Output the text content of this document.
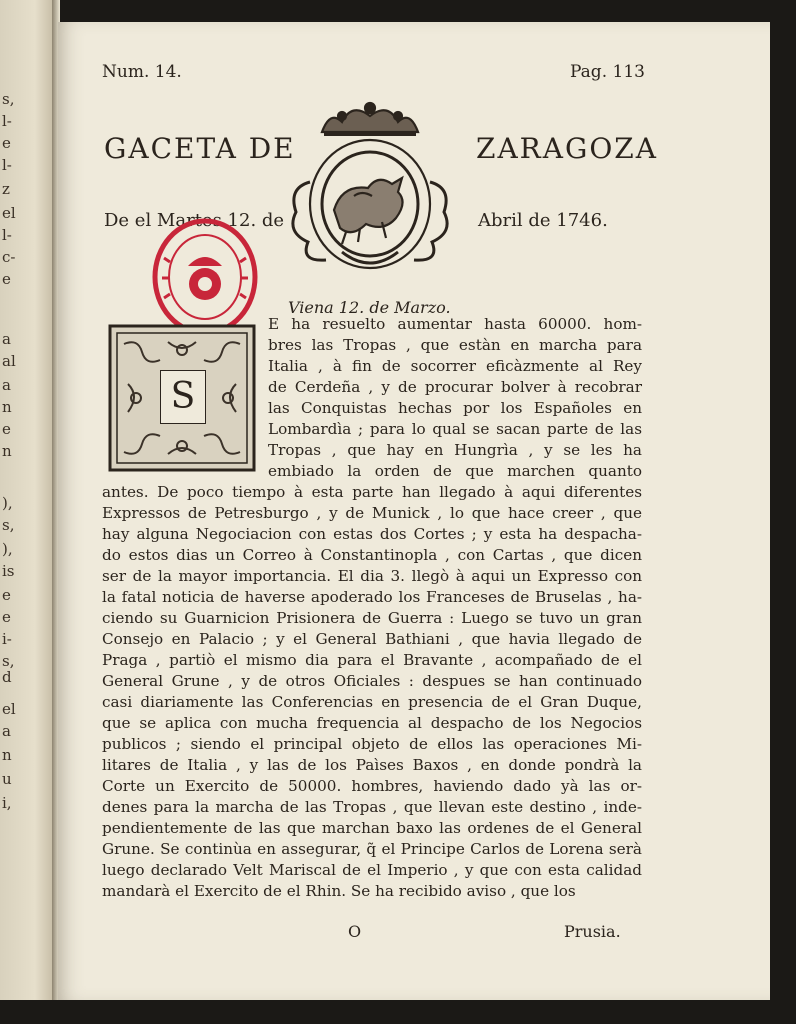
s,
l-
e
l-
z
el
l-
c-
e
a
al
a
n
e
n
),
s,
),
is
e
e
i-
s,
d
el
a
n
u
i,
Num. 14.	Pag. 113
GACETA DE	ZARAGOZA
De el Martes 12. de	Abril de 1746.
Viena 12. de Marzo.
S
E ha resuelto aumentar hasta 60000. hom-
bres las Tropas , que estàn en marcha para
Italia , à fin de socorrer eficàzmente al Rey
de Cerdeña , y de procurar bolver à recobrar
las Conquistas hechas por los Españoles en
Lombardìa ; para lo qual se sacan parte de las
Tropas , que hay en Hungrìa , y se les ha
embiado la orden de que marchen quanto
antes. De poco tiempo à esta parte han llegado à aqui diferentes
Expressos de Petresburgo , y de Munick , lo que hace creer , que
hay alguna Negociacion con estas dos Cortes ; y esta ha despacha-
do estos dias un Correo à Constantinopla , con Cartas , que dicen
ser de la mayor importancia. El dia 3. llegò à aqui un Expresso con
la fatal noticia de haverse apoderado los Franceses de Bruselas , ha-
ciendo su Guarnicion Prisionera de Guerra : Luego se tuvo un gran
Consejo en Palacio ; y el General Bathiani , que havia llegado de
Praga , partiò el mismo dia para el Bravante , acompañado de el
General Grune , y de otros Oficiales : despues se han continuado
casi diariamente las Conferencias en presencia de el Gran Duque,
que se aplica con mucha frequencia al despacho de los Negocios
publicos ; siendo el principal objeto de ellos las operaciones Mi-
litares de Italia , y las de los Paìses Baxos , en donde pondrà la
Corte un Exercito de 50000. hombres, haviendo dado yà las or-
denes para la marcha de las Tropas , que llevan este destino , inde-
pendientemente de las que marchan baxo las ordenes de el General
Grune. Se continùa en assegurar, q̃ el Principe Carlos de Lorena serà
luego declarado Velt Mariscal de el Imperio , y que con esta calidad
mandarà el Exercito de el Rhin. Se ha recibido aviso , que los
O	Prusia.
